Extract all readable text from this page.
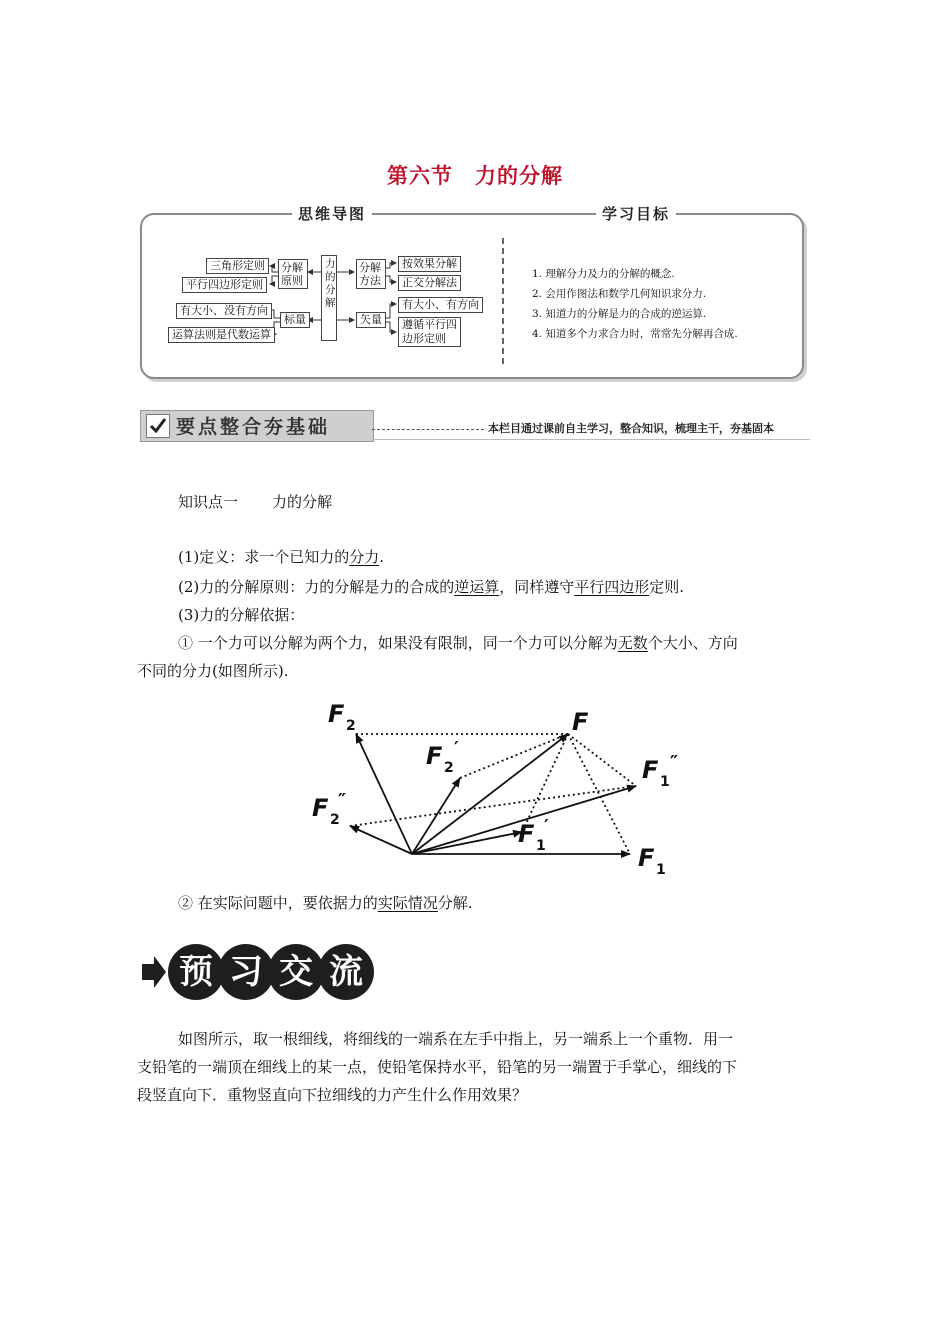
第六节 力的分解
思维导图	学习目标
力的分解
分解原则
分解方法
标量	矢量
三角形定则
平行四边形定则
按效果分解
正交分解法
有大小、没有方向
运算法则是代数运算
有大小、有方向
遵循平行四
边形定则
1. 理解分力及力的分解的概念.
2. 会用作图法和数学几何知识求分力.
3. 知道力的分解是力的合成的逆运算.
4. 知道多个力求合力时，常常先分解再合成.
要点整合夯基础	本栏目通过课前自主学习，整合知识，梳理主干，夯基固本
知识点一 力的分解
(1)定义：求一个已知力的分力.
(2)力的分解原则：力的分解是力的合成的逆运算，同样遵守平行四边形定则.
(3)力的分解依据：
① 一个力可以分解为两个力，如果没有限制，同一个力可以分解为无数个大小、方向
不同的分力(如图所示).
F
F 2
F 2
′
F 2
″
F 1
′
F 1
″
F 1
② 在实际问题中，要依据力的实际情况分解.
预 习 交 流
如图所示，取一根细线，将细线的一端系在左手中指上，另一端系上一个重物．用一
支铅笔的一端顶在细线上的某一点，使铅笔保持水平，铅笔的另一端置于手掌心，细线的下
段竖直向下．重物竖直向下拉细线的力产生什么作用效果？
